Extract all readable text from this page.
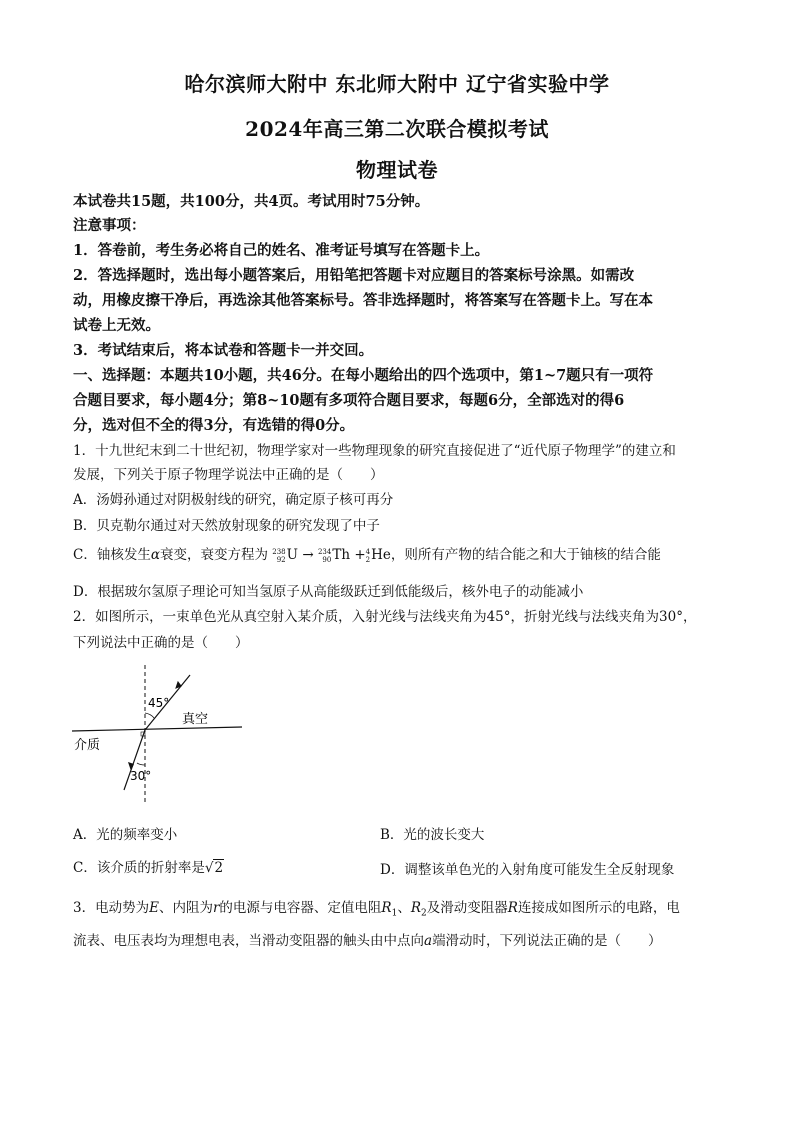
哈尔滨师大附中 东北师大附中 辽宁省实验中学
2024年高三第二次联合模拟考试
物理试卷
本试卷共15题，共100分，共4页。考试用时75分钟。
注意事项：
1．答卷前，考生务必将自己的姓名、准考证号填写在答题卡上。
2．答选择题时，选出每小题答案后，用铅笔把答题卡对应题目的答案标号涂黑。如需改
动，用橡皮擦干净后，再选涂其他答案标号。答非选择题时，将答案写在答题卡上。写在本
试卷上无效。
3．考试结束后，将本试卷和答题卡一并交回。
一、选择题：本题共10小题，共46分。在每小题给出的四个选项中，第1~7题只有一项符
合题目要求，每小题4分；第8~10题有多项符合题目要求，每题6分，全部选对的得6
分，选对但不全的得3分，有选错的得0分。
1．十九世纪末到二十世纪初，物理学家对一些物理现象的研究直接促进了“近代原子物理学”的建立和
发展，下列关于原子物理学说法中正确的是（　　）
A．汤姆孙通过对阴极射线的研究，确定原子核可再分
B．贝克勒尔通过对天然放射现象的研究发现了中子
C．铀核发生α衰变，衰变方程为 238
92U → 234
90Th +4
2He，则所有产物的结合能之和大于铀核的结合能
D．根据玻尔氢原子理论可知当氢原子从高能级跃迁到低能级后，核外电子的动能减小
2．如图所示，一束单色光从真空射入某介质，入射光线与法线夹角为45°，折射光线与法线夹角为30°，
下列说法中正确的是（　　）
45°
30°
真空
介质
A．光的频率变小	B．光的波长变大
C．该介质的折射率是√2	D．调整该单色光的入射角度可能发生全反射现象
3．电动势为E、内阻为r的电源与电容器、定值电阻$R_1$、$R_2$及滑动变阻器R连接成如图所示的电路，电
流表、电压表均为理想电表，当滑动变阻器的触头由中点向a端滑动时，下列说法正确的是（　　）
